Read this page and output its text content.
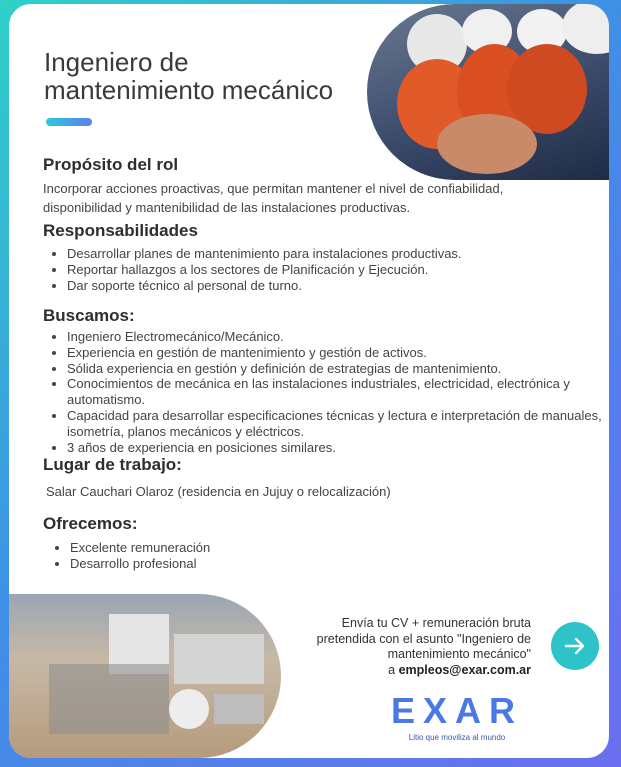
Ingeniero de
mantenimiento mecánico
Propósito del rol
Incorporar acciones proactivas, que permitan mantener el nivel de confiabilidad, disponibilidad y mantenibilidad de las instalaciones productivas.
Responsabilidades
• Desarrollar planes de mantenimiento para instalaciones productivas.
• Reportar hallazgos a los sectores de Planificación y Ejecución.
• Dar soporte técnico al personal de turno.
Buscamos:
• Ingeniero Electromecánico/Mecánico.
• Experiencia en gestión de mantenimiento y gestión de activos.
• Sólida experiencia en gestión y definición de estrategias de mantenimiento.
• Conocimientos de mecánica en las instalaciones industriales, electricidad, electrónica y automatismo.
• Capacidad para desarrollar especificaciones técnicas y lectura e interpretación de manuales, isometría, planos mecánicos y eléctricos.
• 3 años de experiencia en posiciones similares.
Lugar de trabajo:
Salar Cauchari Olaroz (residencia en Jujuy o relocalización)
Ofrecemos:
• Excelente remuneración
• Desarrollo profesional
Envía tu CV + remuneración bruta
pretendida con el asunto "Ingeniero de
mantenimiento mecánico"
a empleos@exar.com.ar
EXAR
Litio que moviliza al mundo
